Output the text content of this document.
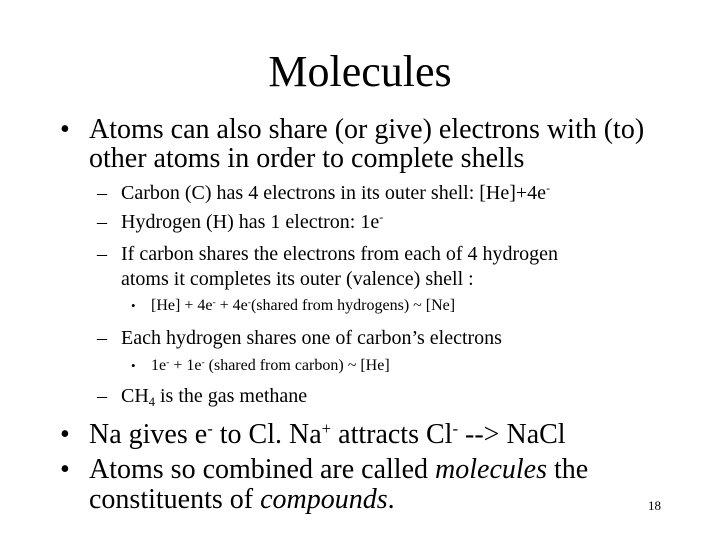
Molecules
• Atoms can also share (or give) electrons with (to)
other atoms in order to complete shells
– Carbon (C) has 4 electrons in its outer shell: [He]+4e-
– Hydrogen (H) has 1 electron: 1e-
– If carbon shares the electrons from each of 4 hydrogen
atoms it completes its outer (valence) shell :
• [He] + 4e- + 4e-(shared from hydrogens) ~ [Ne]
– Each hydrogen shares one of carbon’s electrons
• 1e- + 1e- (shared from carbon) ~ [He]
– $CH_4$ is the gas methane
• Na gives e- to Cl. Na+ attracts Cl- --> NaCl
• Atoms so combined are called molecules the
constituents of compounds.	18
